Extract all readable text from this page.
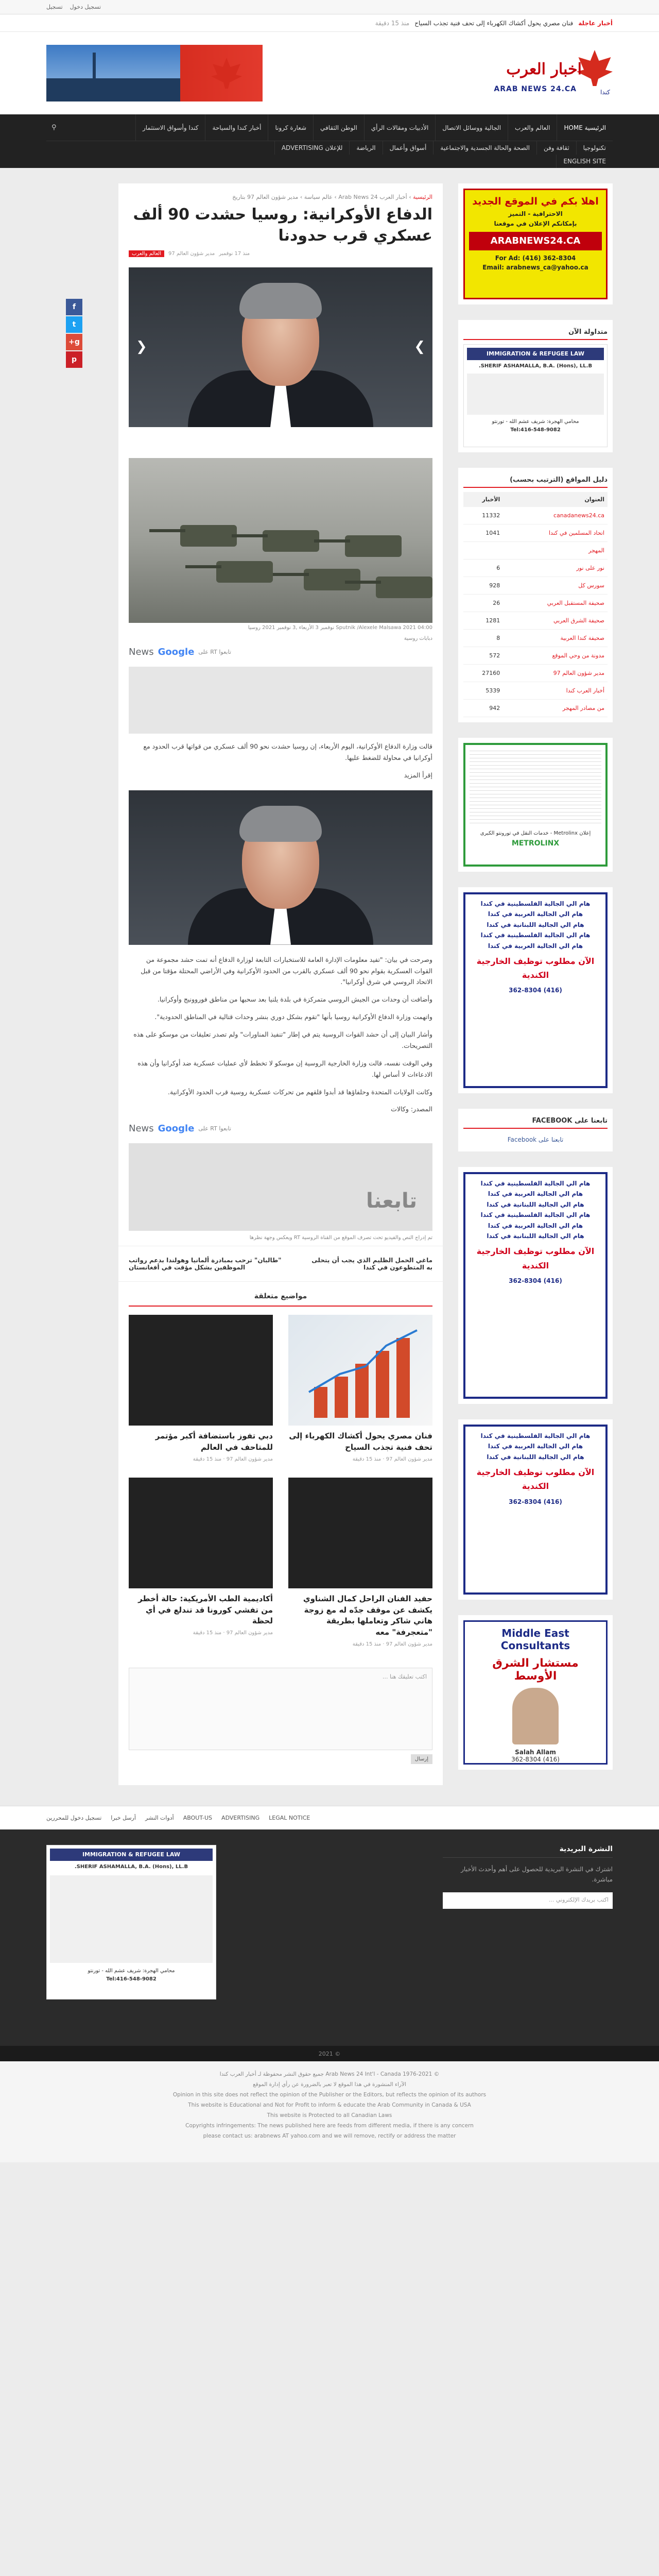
تسجيل دخول
تسجيل
أخبار عاجلة
فنان مصري يحول أكشاك الكهرباء إلى تحف فنية تجذب السياح
منذ 15 دقيقة
اخبار العرب
ARAB NEWS 24.CA	كندا
الرئيسية HOME
العالم والعرب
الجالية ووسائل الاتصال
الأدبيات ومقالات الرأي
الوطن الثقافي
شعارة كرونا
أخبار كندا والسياحة
كندا وأسواق الاستثمار
⚲
تكنولوجيا
ثقافة وفن
الصحة والحالة الجسدية والاجتماعية
أسواق وأعمال
الرياضة
للإعلان ADVERTISING
ENGLISH SITE
الرئيسية › أخبار العرب Arab News 24 › عالم سياسة › مدير شؤون العالم 97 بتاريخ
الدفاع الأوكرانية: روسيا حشدت 90 ألف عسكري قرب حدودنا
منذ 17 نوفمبر
مدير شؤون العالم 97
العالم والعرب
❮	❯
Sputnik /Alexele Malsawa 2021 04:00 نوفمبر 3 الأربعاء ,3 نوفمبر 2021 روسيا
دبابات روسية
تابعوا RT على
Google
News

قالت وزارة الدفاع الأوكرانية، اليوم الأربعاء، إن روسيا حشدت نحو 90 ألف عسكري من قواتها قرب الحدود مع أوكرانيا في محاولة للضغط عليها.

إقرأ المزيد

وصرحت في بيان: "تفيد معلومات الإدارة العامة للاستخبارات التابعة لوزارة الدفاع أنه تمت حشد مجموعة من القوات العسكرية بقوام نحو 90 ألف عسكري بالقرب من الحدود الأوكرانية وفي الأراضي المحتلة مؤقتا من قبل الاتحاد الروسي في شرق أوكرانيا".

وأضافت أن وحدات من الجيش الروسي متمركزة في بلدة يلنيا بعد سحبها من مناطق فوروونيج وأوكرانيا.

واتهمت وزارة الدفاع الأوكرانية روسيا بأنها "تقوم بشكل دوري بنشر وحدات قتالية في المناطق الحدودية".

وأشار البيان إلى أن حشد القوات الروسية يتم في إطار "تنفيذ المناورات" ولم تصدر تعليقات من موسكو على هذه التصريحات.

وفي الوقت نفسه، قالت وزارة الخارجية الروسية إن موسكو لا تخطط لأي عمليات عسكرية ضد أوكرانيا وأن هذه الادعاءات لا أساس لها.

وكانت الولايات المتحدة وحلفاؤها قد أبدوا قلقهم من تحركات عسكرية روسية قرب الحدود الأوكرانية.

المصدر: وكالات

تابعوا RT على
Google
News
تابعنا

تم إدراج النص والفيديو تحت تصرف الموقع من القناة الروسية RT ويعكس وجهة نظرها

ماغي الحمل الظليم الذي يجب أن يتحلى به المتطوعون في كندا
"طالبان" ترحب بمبادرة ألمانيا وهولندا بدعم رواتب الموظفين بشكل مؤقت في أفغانستان
مواضيع متعلقة
فنان مصري يحول أكشاك الكهرباء إلى تحف فنية تجذب السياح
مدير شؤون العالم 97 · منذ 15 دقيقة
دبي تفوز باستضافة أكبر مؤتمر للمتاحف في العالم
مدير شؤون العالم 97 · منذ 15 دقيقة
حفيد الفنان الراحل كمال الشناوي يكشف عن موقف جدّه له مع زوجة هاني شاكر وتعاملها بطريقة "متعجرفة" معه
مدير شؤون العالم 97 · منذ 15 دقيقة
أكاديمية الطب الأمريكية: حالة أخطر من تفشي كورونا قد تندلع في أي لحظة
مدير شؤون العالم 97 · منذ 15 دقيقة
اكتب تعليقك هنا ...
إرسال
اهلا بكم في الموقع الجديد
الاحترافية - التميز
بإمكانكم الإعلان في موقعنا
ARABNEWS24.CA
For Ad: (416) 362-8304
Email: arabnews_ca@yahoo.ca
متداولة الآن
IMMIGRATION & REFUGEE LAW
SHERIF ASHAMALLA, B.A. (Hons), LL.B.
محامي الهجرة: شريف عشم الله - تورنتو
Tel:416-548-9082
دليل المواقع (الترتيب بحسب)
العنوان	الأخبار
canadanews24.ca	11332
اتحاد المسلمين في كندا	1041
المهجر	
نور على نور	6
سورس كل	928
صحيفة المستقبل العربي	26
صحيفة الشرق العربي	1281
صحيفة كندا العربية	8
مدونة من وحي الموقع	572
مدير شؤون العالم 97	27160
أخبار العرب كندا	5339
من مصادر المهجر	942
إعلان Metrolinx - خدمات النقل في تورونتو الكبرى
METROLINX
هام الي الجالية الفلسطينية في كندا
هام الي الجالية العربية في كندا
هام الي الجالية اللبنانية في كندا
هام الي الجالية الفلسطينية في كندا
هام الي الجالية العربية في كندا
الآن مطلوب توظيف الخارجية الكندية
(416) 362-8304
تابعنا على FACEBOOK
تابعنا على Facebook
هام الي الجالية الفلسطينية في كندا
هام الي الجالية العربية في كندا
هام الي الجالية اللبنانية في كندا
هام الي الجالية الفلسطينية في كندا
هام الي الجالية العربية في كندا
هام الي الجالية اللبنانية في كندا
الآن مطلوب توظيف الخارجية الكندية
(416) 362-8304
هام الي الجالية الفلسطينية في كندا
هام الي الجالية العربية في كندا
هام الي الجالية اللبنانية في كندا
الآن مطلوب توظيف الخارجية الكندية
(416) 362-8304
Middle East Consultants
مستشار الشرق الأوسط
Salah Allam
(416) 362-8304
f
t
g+
p
LEGAL NOTICE
ADVERTISING
ABOUT-US
أدوات النشر
أرسل خبرا
تسجيل دخول للمحررين
النشرة البريدية

اشترك في النشرة البريدية للحصول على أهم وأحدث الأخبار مباشرة.

اكتب بريدك الإلكتروني ...
IMMIGRATION & REFUGEE LAW
SHERIF ASHAMALLA, B.A. (Hons), LL.B.
محامي الهجرة: شريف عشم الله - تورنتو
Tel:416-548-9082
© 2021
© 1976-2021 Arab News 24 Int'l - Canada جميع حقوق النشر محفوظة لـ أخبار العرب كندا
الآراء المنشورة في هذا الموقع لا تعبر بالضرورة عن رأي إدارة الموقع
Opinion in this site does not reflect the opinion of the Publisher or the Editors, but reflects the opinion of its authors
This website is Educational and Not for Profit to inform & educate the Arab Community in Canada & USA
This website is Protected to all Canadian Laws
Copyrights infringements: The news published here are feeds from different media, if there is any concern
please contact us: arabnews AT yahoo.com and we will remove, rectify or address the matter
